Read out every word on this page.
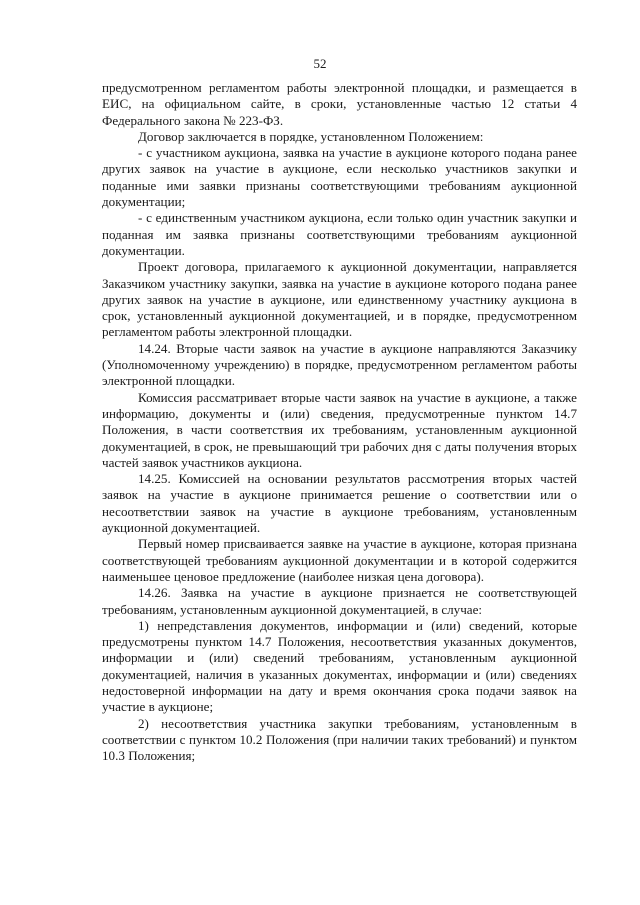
52

предусмотренном регламентом работы электронной площадки, и размещается в ЕИС, на официальном сайте, в сроки, установленные частью 12 статьи 4 Федерального закона № 223-ФЗ.

Договор заключается в порядке, установленном Положением:

- с участником аукциона, заявка на участие в аукционе которого подана ранее других заявок на участие в аукционе, если несколько участников закупки и поданные ими заявки признаны соответствующими требованиям аукционной документации;

- с единственным участником аукциона, если только один участник закупки и поданная им заявка признаны соответствующими требованиям аукционной документации.

Проект договора, прилагаемого к аукционной документации, направляется Заказчиком участнику закупки, заявка на участие в аукционе которого подана ранее других заявок на участие в аукционе, или единственному участнику аукциона в срок, установленный аукционной документацией, и в порядке, предусмотренном регламентом работы электронной площадки.

14.24. Вторые части заявок на участие в аукционе направляются Заказчику (Уполномоченному учреждению) в порядке, предусмотренном регламентом работы электронной площадки.

Комиссия рассматривает вторые части заявок на участие в аукционе, а также информацию, документы и (или) сведения, предусмотренные пунктом 14.7 Положения, в части соответствия их требованиям, установленным аукционной документацией, в срок, не превышающий три рабочих дня с даты получения вторых частей заявок участников аукциона.

14.25. Комиссией на основании результатов рассмотрения вторых частей заявок на участие в аукционе принимается решение о соответствии или о несоответствии заявок на участие в аукционе требованиям, установленным аукционной документацией.

Первый номер присваивается заявке на участие в аукционе, которая признана соответствующей требованиям аукционной документации и в которой содержится наименьшее ценовое предложение (наиболее низкая цена договора).

14.26. Заявка на участие в аукционе признается не соответствующей требованиям, установленным аукционной документацией, в случае:

1) непредставления документов, информации и (или) сведений, которые предусмотрены пунктом 14.7 Положения, несоответствия указанных документов, информации и (или) сведений требованиям, установленным аукционной документацией, наличия в указанных документах, информации и (или) сведениях недостоверной информации на дату и время окончания срока подачи заявок на участие в аукционе;

2) несоответствия участника закупки требованиям, установленным в соответствии с пунктом 10.2 Положения (при наличии таких требований) и пунктом 10.3 Положения;
